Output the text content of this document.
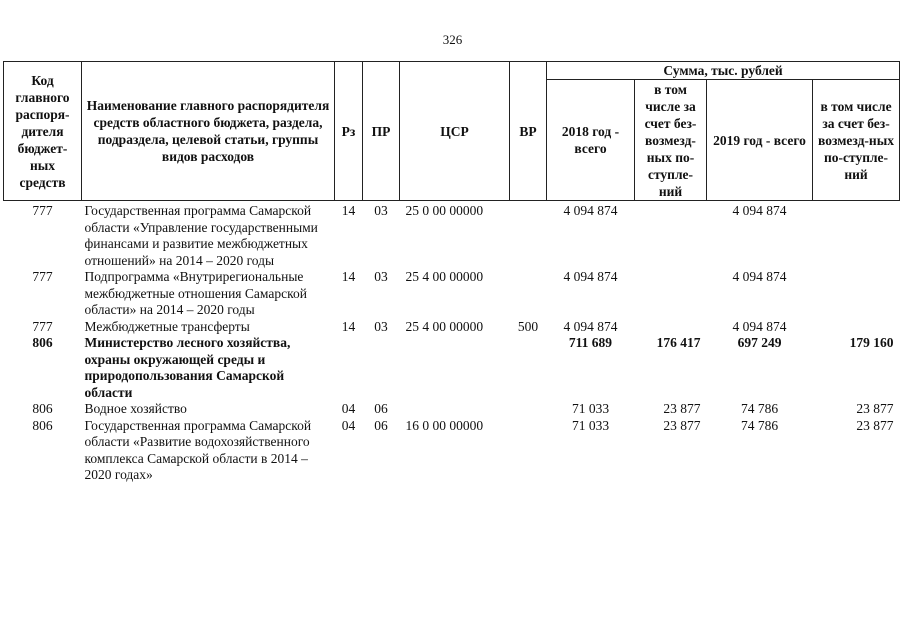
326
Код главного распоря-дителя бюджет-ных средств	Наименование главного распорядителя средств областного бюджета, раздела, подраздела, целевой статьи, группы видов расходов	Рз	ПР	ЦСР	ВР	Сумма, тыс. рублей			
						2018 год - всего	в том числе за счет без-возмезд-ных по-ступле-ний	2019 год - всего	в том числе за счет без-возмезд-ных по-ступле-ний
777	Государственная программа Самарской области «Управление государственными финансами и развитие межбюджетных отношений» на 2014 – 2020 годы	14	03	25 0 00 00000		4 094 874		4 094 874	
777	Подпрограмма «Внутрирегиональные межбюджетные отношения Самарской области» на 2014 – 2020 годы	14	03	25 4 00 00000		4 094 874		4 094 874	
777	Межбюджетные трансферты	14	03	25 4 00 00000	500	4 094 874		4 094 874	
806	Министерство лесного хозяйства, охраны окружающей среды и природопользования Самарской области					711 689	176 417	697 249	179 160
806	Водное хозяйство	04	06			71 033	23 877	74 786	23 877
806	Государственная программа Самарской области «Развитие водохозяйственного комплекса Самарской области в 2014 – 2020 годах»	04	06	16 0 00 00000		71 033	23 877	74 786	23 877
